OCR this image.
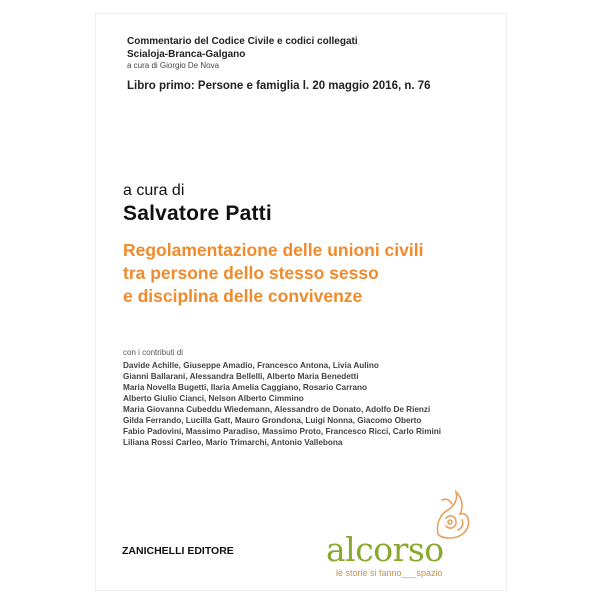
Commentario del Codice Civile e codici collegati
Scialoja-Branca-Galgano
a cura di Giorgio De Nova
Libro primo: Persone e famiglia l. 20 maggio 2016, n. 76
a cura di
Salvatore Patti
Regolamentazione delle unioni civili
tra persone dello stesso sesso
e disciplina delle convivenze
con i contributi di
Davide Achille, Giuseppe Amadio, Francesco Antona, Livia Aulino
Gianni Ballarani, Alessandra Bellelli, Alberto Maria Benedetti
Maria Novella Bugetti, Ilaria Amelia Caggiano, Rosario Carrano
Alberto Giulio Cianci, Nelson Alberto Cimmino
Maria Giovanna Cubeddu Wiedemann, Alessandro de Donato, Adolfo De Rienzi
Gilda Ferrando, Lucilla Gatt, Mauro Grondona, Luigi Nonna, Giacomo Oberto
Fabio Padovini, Massimo Paradiso, Massimo Proto, Francesco Ricci, Carlo Rimini
Liliana Rossi Carleo, Mario Trimarchi, Antonio Vallebona
ZANICHELLI EDITORE	alcorso
le storie si fanno___spazio
